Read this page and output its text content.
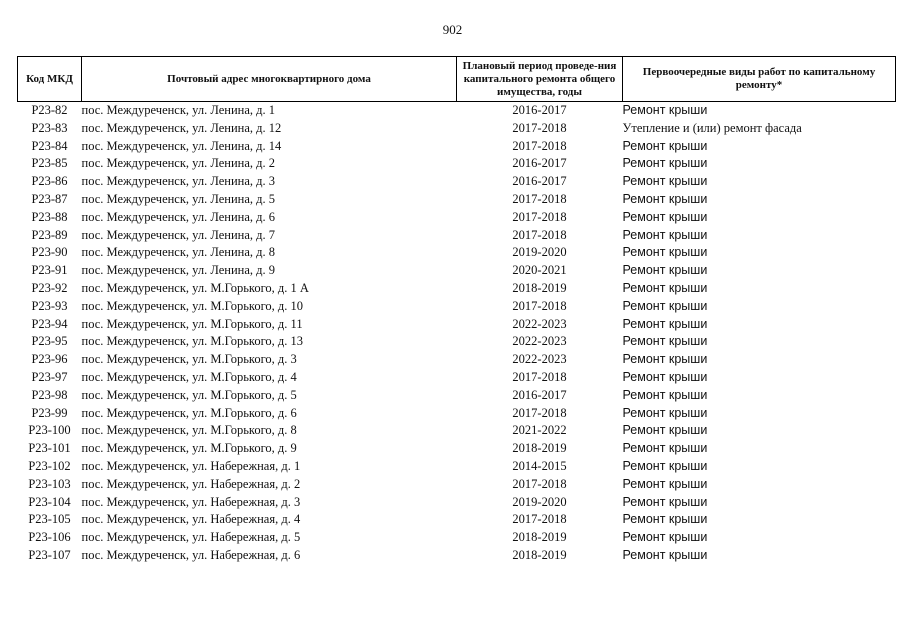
902
Код МКД	Почтовый адрес многоквартирного дома	Плановый период проведе-ния капитального ремонта общего имущества, годы	Первоочередные виды работ по капитальному ремонту*
Р23-82	пос. Междуреченск, ул. Ленина, д. 1	2016-2017	Ремонт крыши
Р23-83	пос. Междуреченск, ул. Ленина, д. 12	2017-2018	Утепление и (или) ремонт фасада
Р23-84	пос. Междуреченск, ул. Ленина, д. 14	2017-2018	Ремонт крыши
Р23-85	пос. Междуреченск, ул. Ленина, д. 2	2016-2017	Ремонт крыши
Р23-86	пос. Междуреченск, ул. Ленина, д. 3	2016-2017	Ремонт крыши
Р23-87	пос. Междуреченск, ул. Ленина, д. 5	2017-2018	Ремонт крыши
Р23-88	пос. Междуреченск, ул. Ленина, д. 6	2017-2018	Ремонт крыши
Р23-89	пос. Междуреченск, ул. Ленина, д. 7	2017-2018	Ремонт крыши
Р23-90	пос. Междуреченск, ул. Ленина, д. 8	2019-2020	Ремонт крыши
Р23-91	пос. Междуреченск, ул. Ленина, д. 9	2020-2021	Ремонт крыши
Р23-92	пос. Междуреченск, ул. М.Горького, д. 1 А	2018-2019	Ремонт крыши
Р23-93	пос. Междуреченск, ул. М.Горького, д. 10	2017-2018	Ремонт крыши
Р23-94	пос. Междуреченск, ул. М.Горького, д. 11	2022-2023	Ремонт крыши
Р23-95	пос. Междуреченск, ул. М.Горького, д. 13	2022-2023	Ремонт крыши
Р23-96	пос. Междуреченск, ул. М.Горького, д. 3	2022-2023	Ремонт крыши
Р23-97	пос. Междуреченск, ул. М.Горького, д. 4	2017-2018	Ремонт крыши
Р23-98	пос. Междуреченск, ул. М.Горького, д. 5	2016-2017	Ремонт крыши
Р23-99	пос. Междуреченск, ул. М.Горького, д. 6	2017-2018	Ремонт крыши
Р23-100	пос. Междуреченск, ул. М.Горького, д. 8	2021-2022	Ремонт крыши
Р23-101	пос. Междуреченск, ул. М.Горького, д. 9	2018-2019	Ремонт крыши
Р23-102	пос. Междуреченск, ул. Набережная, д. 1	2014-2015	Ремонт крыши
Р23-103	пос. Междуреченск, ул. Набережная, д. 2	2017-2018	Ремонт крыши
Р23-104	пос. Междуреченск, ул. Набережная, д. 3	2019-2020	Ремонт крыши
Р23-105	пос. Междуреченск, ул. Набережная, д. 4	2017-2018	Ремонт крыши
Р23-106	пос. Междуреченск, ул. Набережная, д. 5	2018-2019	Ремонт крыши
Р23-107	пос. Междуреченск, ул. Набережная, д. 6	2018-2019	Ремонт крыши
